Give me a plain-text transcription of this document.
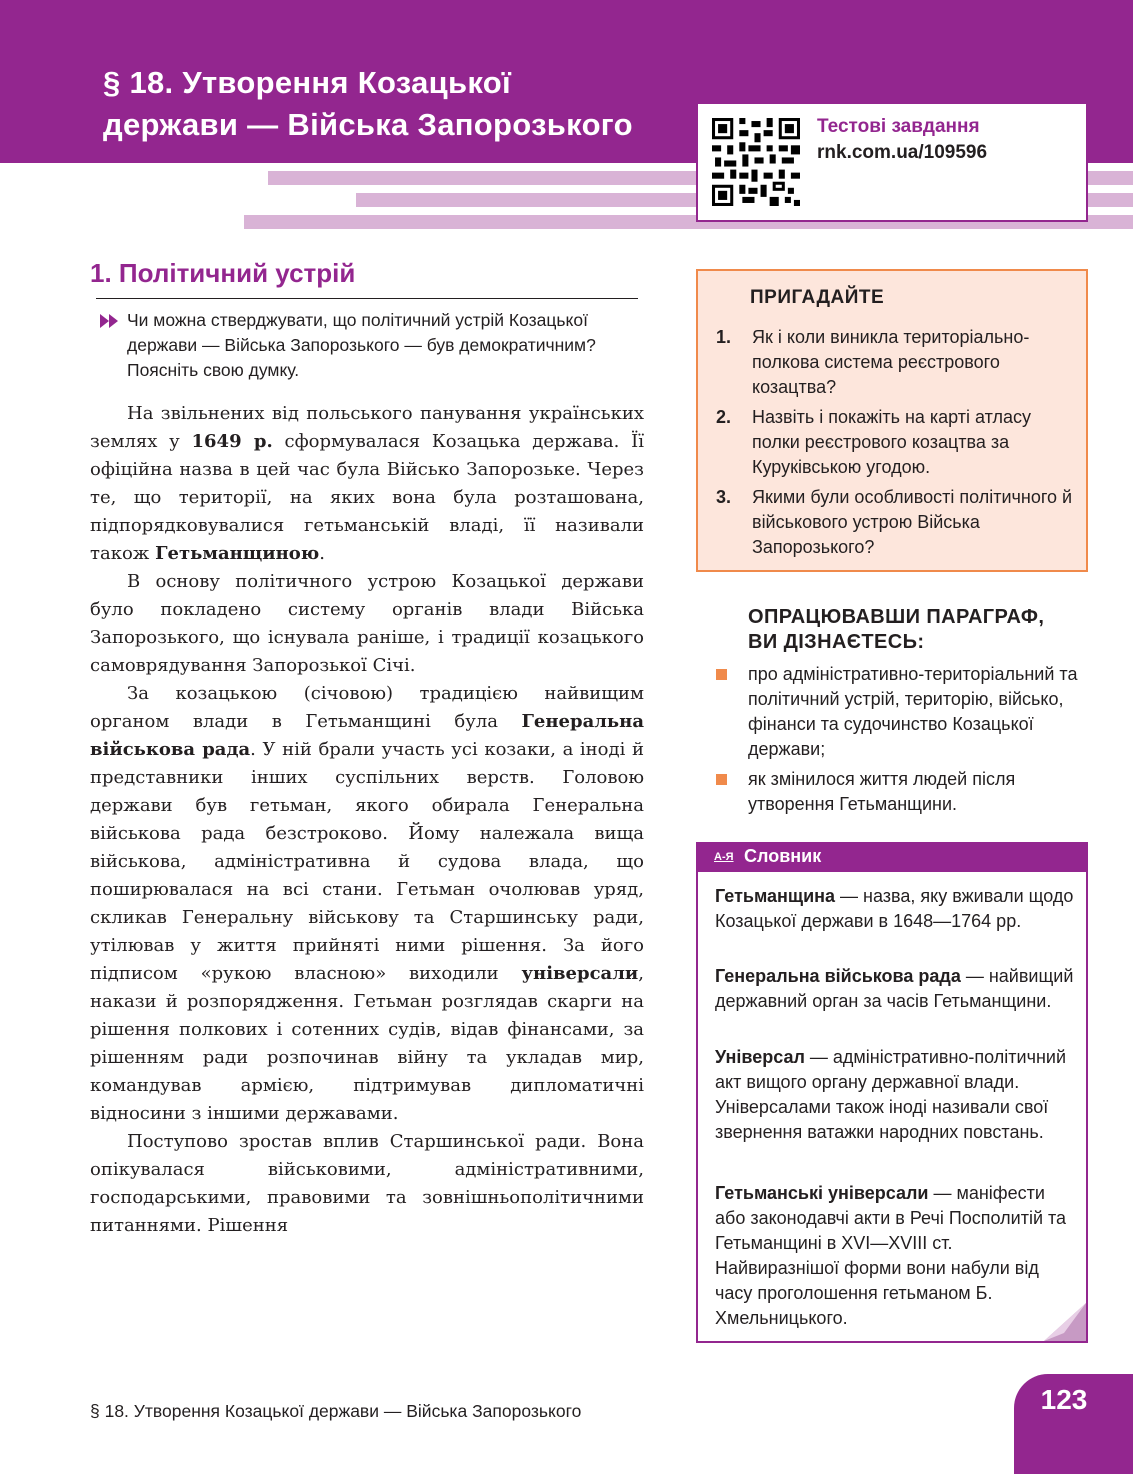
§ 18. Утворення Козацької
держави — Війська Запорозького	Тестові завдання
rnk.com.ua/109596
1. Політичний устрій
Чи можна стверджувати, що політичний устрій Козацької держави — Війська Запорозького — був демократичним? Поясніть свою думку.

На звільнених від польського панування українських землях у 1649 р. сформувалася Козацька держава. Її офіційна назва в цей час була Військо Запорозьке. Через те, що території, на яких вона була розташована, підпорядковувалися гетьманській владі, її називали також Гетьманщиною.

В основу політичного устрою Козацької держави було покладено систему органів влади Війська Запорозького, що існувала раніше, і традиції козацького самоврядування Запорозької Січі.

За козацькою (січовою) традицією найвищим органом влади в Гетьманщині була Генеральна військова рада. У ній брали участь усі козаки, а іноді й представники інших суспільних верств. Головою держави був гетьман, якого обирала Генеральна військова рада безстроково. Йому належала вища військова, адміністративна й судова влада, що поширювалася на всі стани. Гетьман очолював уряд, скликав Генеральну військову та Старшинську ради, утілював у життя прийняті ними рішення. За його підписом «рукою власною» виходили універсали, накази й розпорядження. Гетьман розглядав скарги на рішення полкових і сотенних судів, відав фінансами, за рішенням ради розпочинав війну та укладав мир, командував армією, підтримував дипломатичні відносини з іншими державами.

Поступово зростав вплив Старшинської ради. Вона опікувалася військовими, адміністративними, господарськими, правовими та зовнішньополітичними питаннями. Рішення

ПРИГАДАЙТЕ
1.	Як і коли виникла територіально-полкова система реєстрового козацтва?
2.	Назвіть і покажіть на карті атласу полки реєстрового козацтва за Куруківською угодою.
3.	Якими були особливості політичного й військового устрою Війська Запорозького?
ОПРАЦЮВАВШИ ПАРАГРАФ, ВИ ДІЗНАЄТЕСЬ:
про адміністративно-територіальний та політичний устрій, територію, військо, фінанси та судочинство Козацької держави;
як змінилося життя людей після утворення Гетьманщини.
А-Я Словник
Гетьманщина — назва, яку вживали щодо Козацької держави в 1648—1764 рр.
Генеральна військова рада — найвищий державний орган за часів Гетьманщини.
Універсал — адміністративно-політичний акт вищого органу державної влади. Універсалами також іноді називали свої звернення ватажки народних повстань.
Гетьманські універсали — маніфести або законодавчі акти в Речі Посполитій та Гетьманщині в XVI—XVIII ст. Найвиразнішої форми вони набули від часу проголошення гетьманом Б. Хмельницького.
§ 18. Утворення Козацької держави — Війська Запорозького	123
